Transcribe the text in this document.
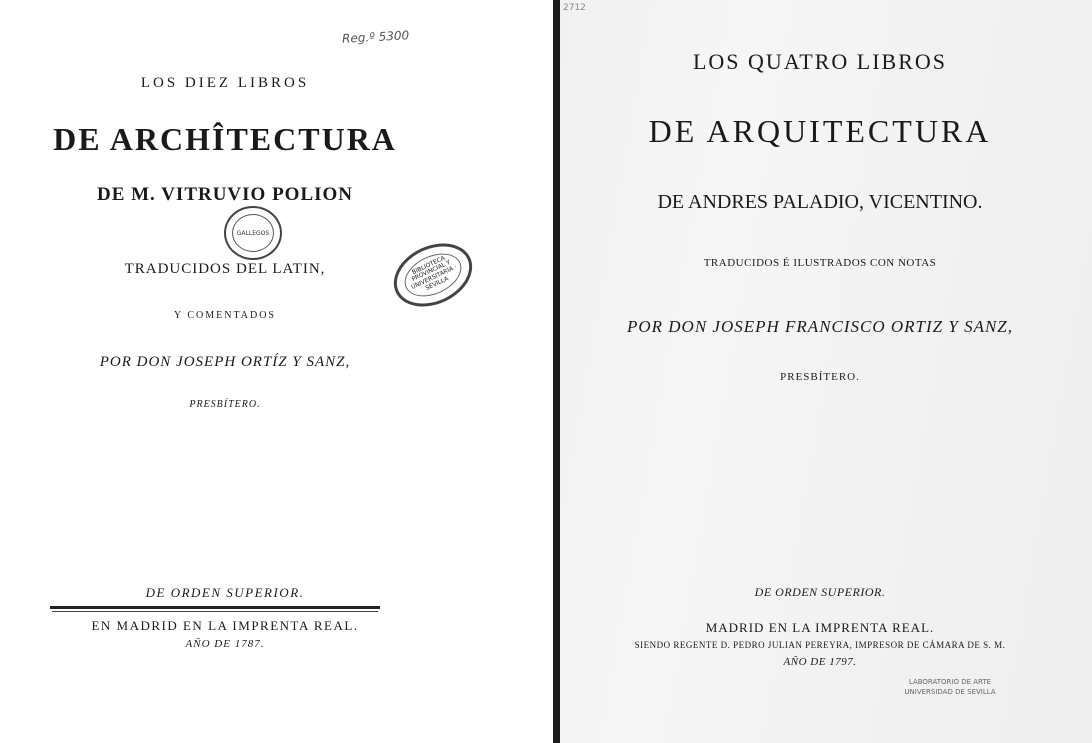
Reg.º 5300
LOS DIEZ LIBROS
DE ARCHÎTECTURA
DE M. VITRUVIO POLION
GALLEGOS
BIBLIOTECA PROVINCIAL Y UNIVERSITARIA · SEVILLA
TRADUCIDOS DEL LATIN,
Y COMENTADOS
POR DON JOSEPH ORTÍZ Y SANZ,
PRESBÍTERO.
DE ORDEN SUPERIOR.
EN MADRID EN LA IMPRENTA REAL.
AÑO DE 1787.
2712
LOS QUATRO LIBROS
DE ARQUITECTURA
DE ANDRES PALADIO, VICENTINO.
TRADUCIDOS É ILUSTRADOS CON NOTAS
POR DON JOSEPH FRANCISCO ORTIZ Y SANZ,
PRESBÍTERO.
DE ORDEN SUPERIOR.
MADRID EN LA IMPRENTA REAL.
SIENDO REGENTE D. PEDRO JULIAN PEREYRA, IMPRESOR DE CÁMARA DE S. M.
AÑO DE 1797.
LABORATORIO DE ARTE
UNIVERSIDAD DE SEVILLA
